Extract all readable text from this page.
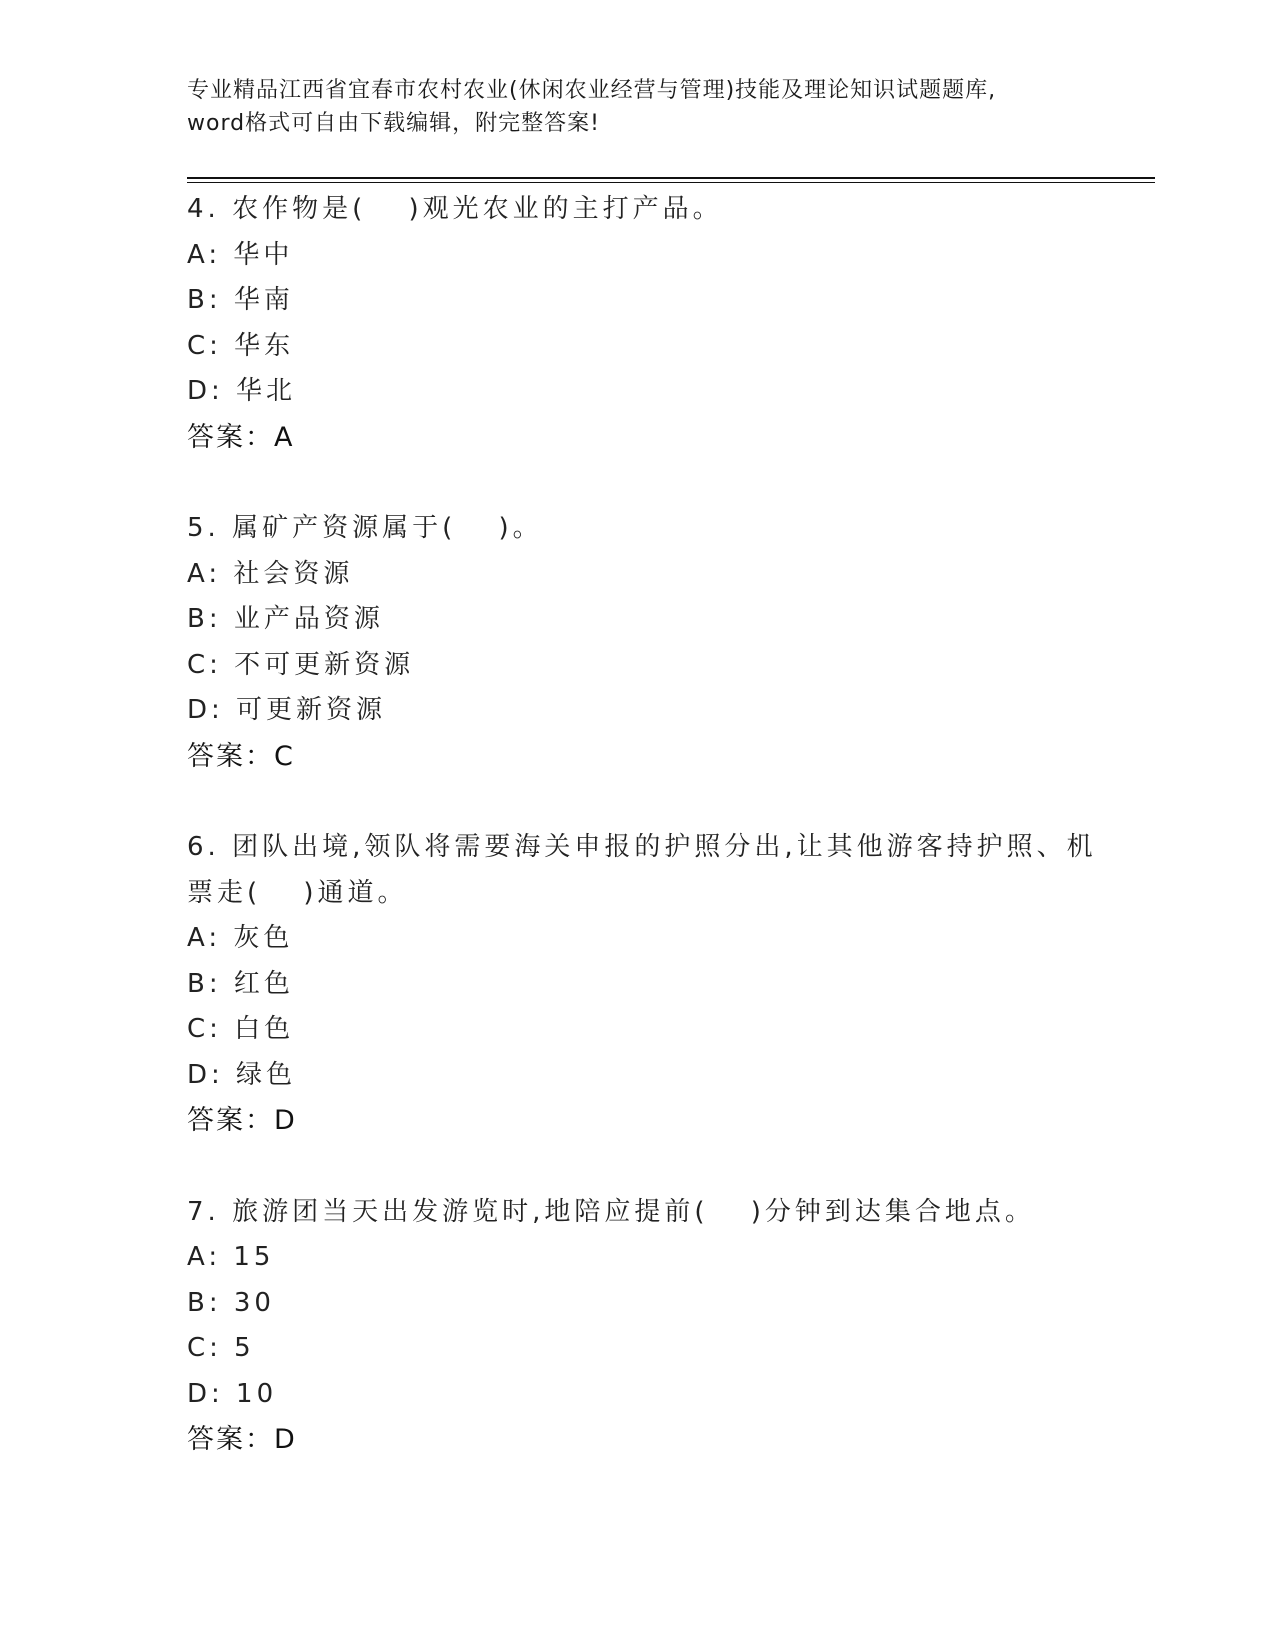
专业精品江西省宜春市农村农业(休闲农业经营与管理)技能及理论知识试题题库,
word格式可自由下载编辑，附完整答案!
4. 农作物是(　 )观光农业的主打产品。
A: 华中
B: 华南
C: 华东
D: 华北
答案：A
5. 属矿产资源属于(　 )。
A: 社会资源
B: 业产品资源
C: 不可更新资源
D: 可更新资源
答案：C
6. 团队出境,领队将需要海关申报的护照分出,让其他游客持护照、机
票走(　 )通道。
A: 灰色
B: 红色
C: 白色
D: 绿色
答案：D
7. 旅游团当天出发游览时,地陪应提前(　 )分钟到达集合地点。
A: 15
B: 30
C: 5
D: 10
答案：D
